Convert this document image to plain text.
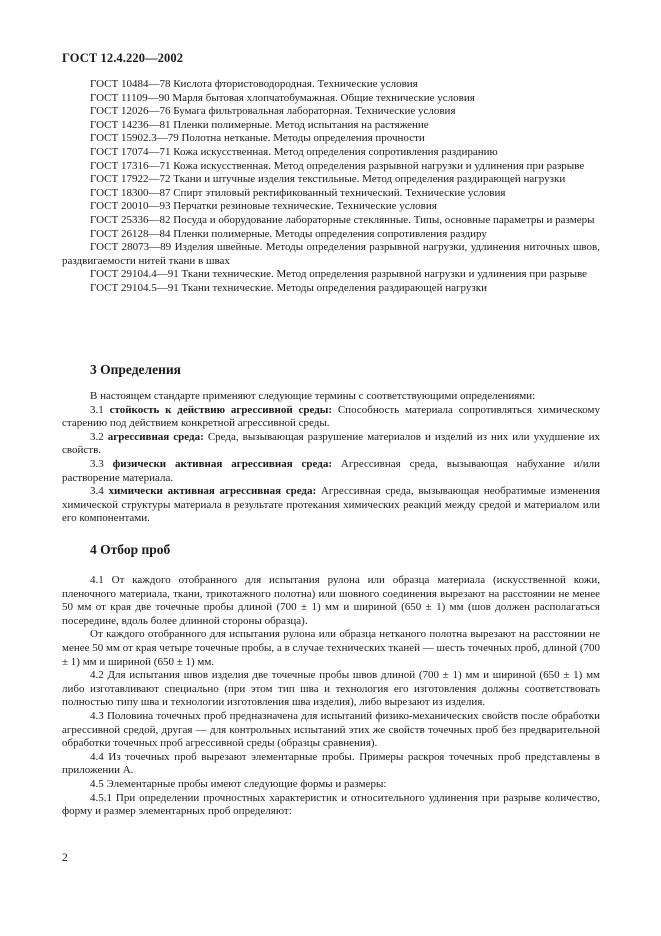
ГОСТ 12.4.220—2002

ГОСТ 10484—78 Кислота фтористоводородная. Технические условия

ГОСТ 11109—90 Марля бытовая хлопчатобумажная. Общие технические условия

ГОСТ 12026—76 Бумага фильтровальная лабораторная. Технические условия

ГОСТ 14236—81 Пленки полимерные. Метод испытания на растяжение

ГОСТ 15902.3—79 Полотна нетканые. Методы определения прочности

ГОСТ 17074—71 Кожа искусственная. Метод определения сопротивления раздиранию

ГОСТ 17316—71 Кожа искусственная. Метод определения разрывной нагрузки и удлинения при разрыве

ГОСТ 17922—72 Ткани и штучные изделия текстильные. Метод определения раздирающей нагрузки

ГОСТ 18300—87 Спирт этиловый ректификованный технический. Технические условия

ГОСТ 20010—93 Перчатки резиновые технические. Технические условия

ГОСТ 25336—82 Посуда и оборудование лабораторные стеклянные. Типы, основные параметры и размеры

ГОСТ 26128—84 Пленки полимерные. Методы определения сопротивления раздиру

ГОСТ 28073—89 Изделия швейные. Методы определения разрывной нагрузки, удлинения ниточных швов, раздвигаемости нитей ткани в швах

ГОСТ 29104.4—91 Ткани технические. Метод определения разрывной нагрузки и удлинения при разрыве

ГОСТ 29104.5—91 Ткани технические. Методы определения раздирающей нагрузки

3 Определения

В настоящем стандарте применяют следующие термины с соответствующими определениями:

3.1 стойкость к действию агрессивной среды: Способность материала сопротивляться химическому старению под действием конкретной агрессивной среды.

3.2 агрессивная среда: Среда, вызывающая разрушение материалов и изделий из них или ухудшение их свойств.

3.3 физически активная агрессивная среда: Агрессивная среда, вызывающая набухание и/или растворение материала.

3.4 химически активная агрессивная среда: Агрессивная среда, вызывающая необратимые изменения химической структуры материала в результате протекания химических реакций между средой и материалом или его компонентами.

4 Отбор проб

4.1 От каждого отобранного для испытания рулона или образца материала (искусственной кожи, пленочного материала, ткани, трикотажного полотна) или шовного соединения вырезают на расстоянии не менее 50 мм от края две точечные пробы длиной (700 ± 1) мм и шириной (650 ± 1) мм (шов должен располагаться посередине, вдоль более длинной стороны образца).

От каждого отобранного для испытания рулона или образца нетканого полотна вырезают на расстоянии не менее 50 мм от края четыре точечные пробы, а в случае технических тканей — шесть точечных проб, длиной (700 ± 1) мм и шириной (650 ± 1) мм.

4.2 Для испытания швов изделия две точечные пробы швов длиной (700 ± 1) мм и шириной (650 ± 1) мм либо изготавливают специально (при этом тип шва и технология его изготовления должны соответствовать полностью типу шва и технологии изготовления шва изделия), либо вырезают из изделия.

4.3 Половина точечных проб предназначена для испытаний физико-механических свойств после обработки агрессивной средой, другая — для контрольных испытаний этих же свойств точечных проб без предварительной обработки точечных проб агрессивной среды (образцы сравнения).

4.4 Из точечных проб вырезают элементарные пробы. Примеры раскроя точечных проб представлены в приложении А.

4.5 Элементарные пробы имеют следующие формы и размеры:

4.5.1 При определении прочностных характеристик и относительного удлинения при разрыве количество, форму и размер элементарных проб определяют:

2
